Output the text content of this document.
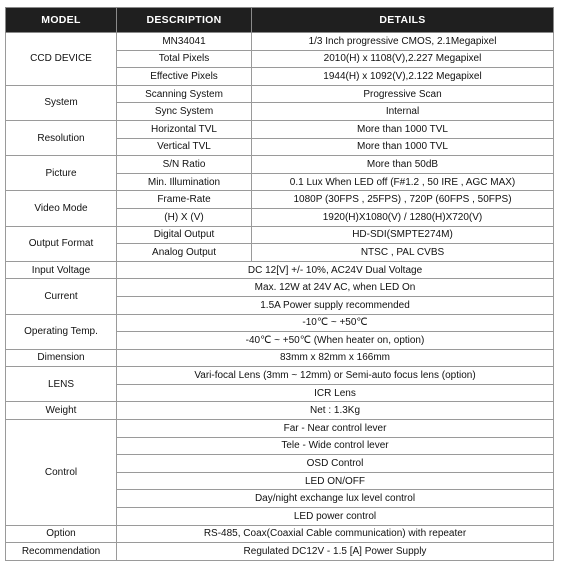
MODEL	DESCRIPTION	DETAILS
CCD DEVICE	MN34041	1/3 Inch progressive CMOS, 2.1Megapixel
	Total Pixels	2010(H) x 1108(V),2.227 Megapixel
	Effective Pixels	1944(H) x 1092(V),2.122 Megapixel
System	Scanning System	Progressive Scan
	Sync System	Internal
Resolution	Horizontal TVL	More than 1000 TVL
	Vertical TVL	More than 1000 TVL
Picture	S/N Ratio	More than 50dB
	Min. Illumination	0.1 Lux When LED off (F#1.2 , 50 IRE , AGC MAX)
Video Mode	Frame-Rate	1080P (30FPS , 25FPS) , 720P (60FPS , 50FPS)
	(H) X (V)	1920(H)X1080(V) / 1280(H)X720(V)
Output Format	Digital Output	HD-SDI(SMPTE274M)
	Analog Output	NTSC , PAL CVBS
Input Voltage	DC 12[V] +/- 10%, AC24V Dual Voltage	
Current	Max. 12W at 24V AC, when LED On	
	1.5A Power supply recommended	
Operating Temp.	-10℃ ~ +50℃	
	-40℃ ~ +50℃ (When heater on, option)	
Dimension	83mm x 82mm x 166mm	
LENS	Vari-focal Lens (3mm ~ 12mm) or Semi-auto focus lens (option)	
	ICR Lens	
Weight	Net : 1.3Kg	
Control	Far - Near control lever	
	Tele - Wide control lever	
	OSD Control	
	LED ON/OFF	
	Day/night exchange lux level control	
	LED power control	
Option	RS-485, Coax(Coaxial Cable communication) with repeater	
Recommendation	Regulated DC12V - 1.5 [A] Power Supply	
